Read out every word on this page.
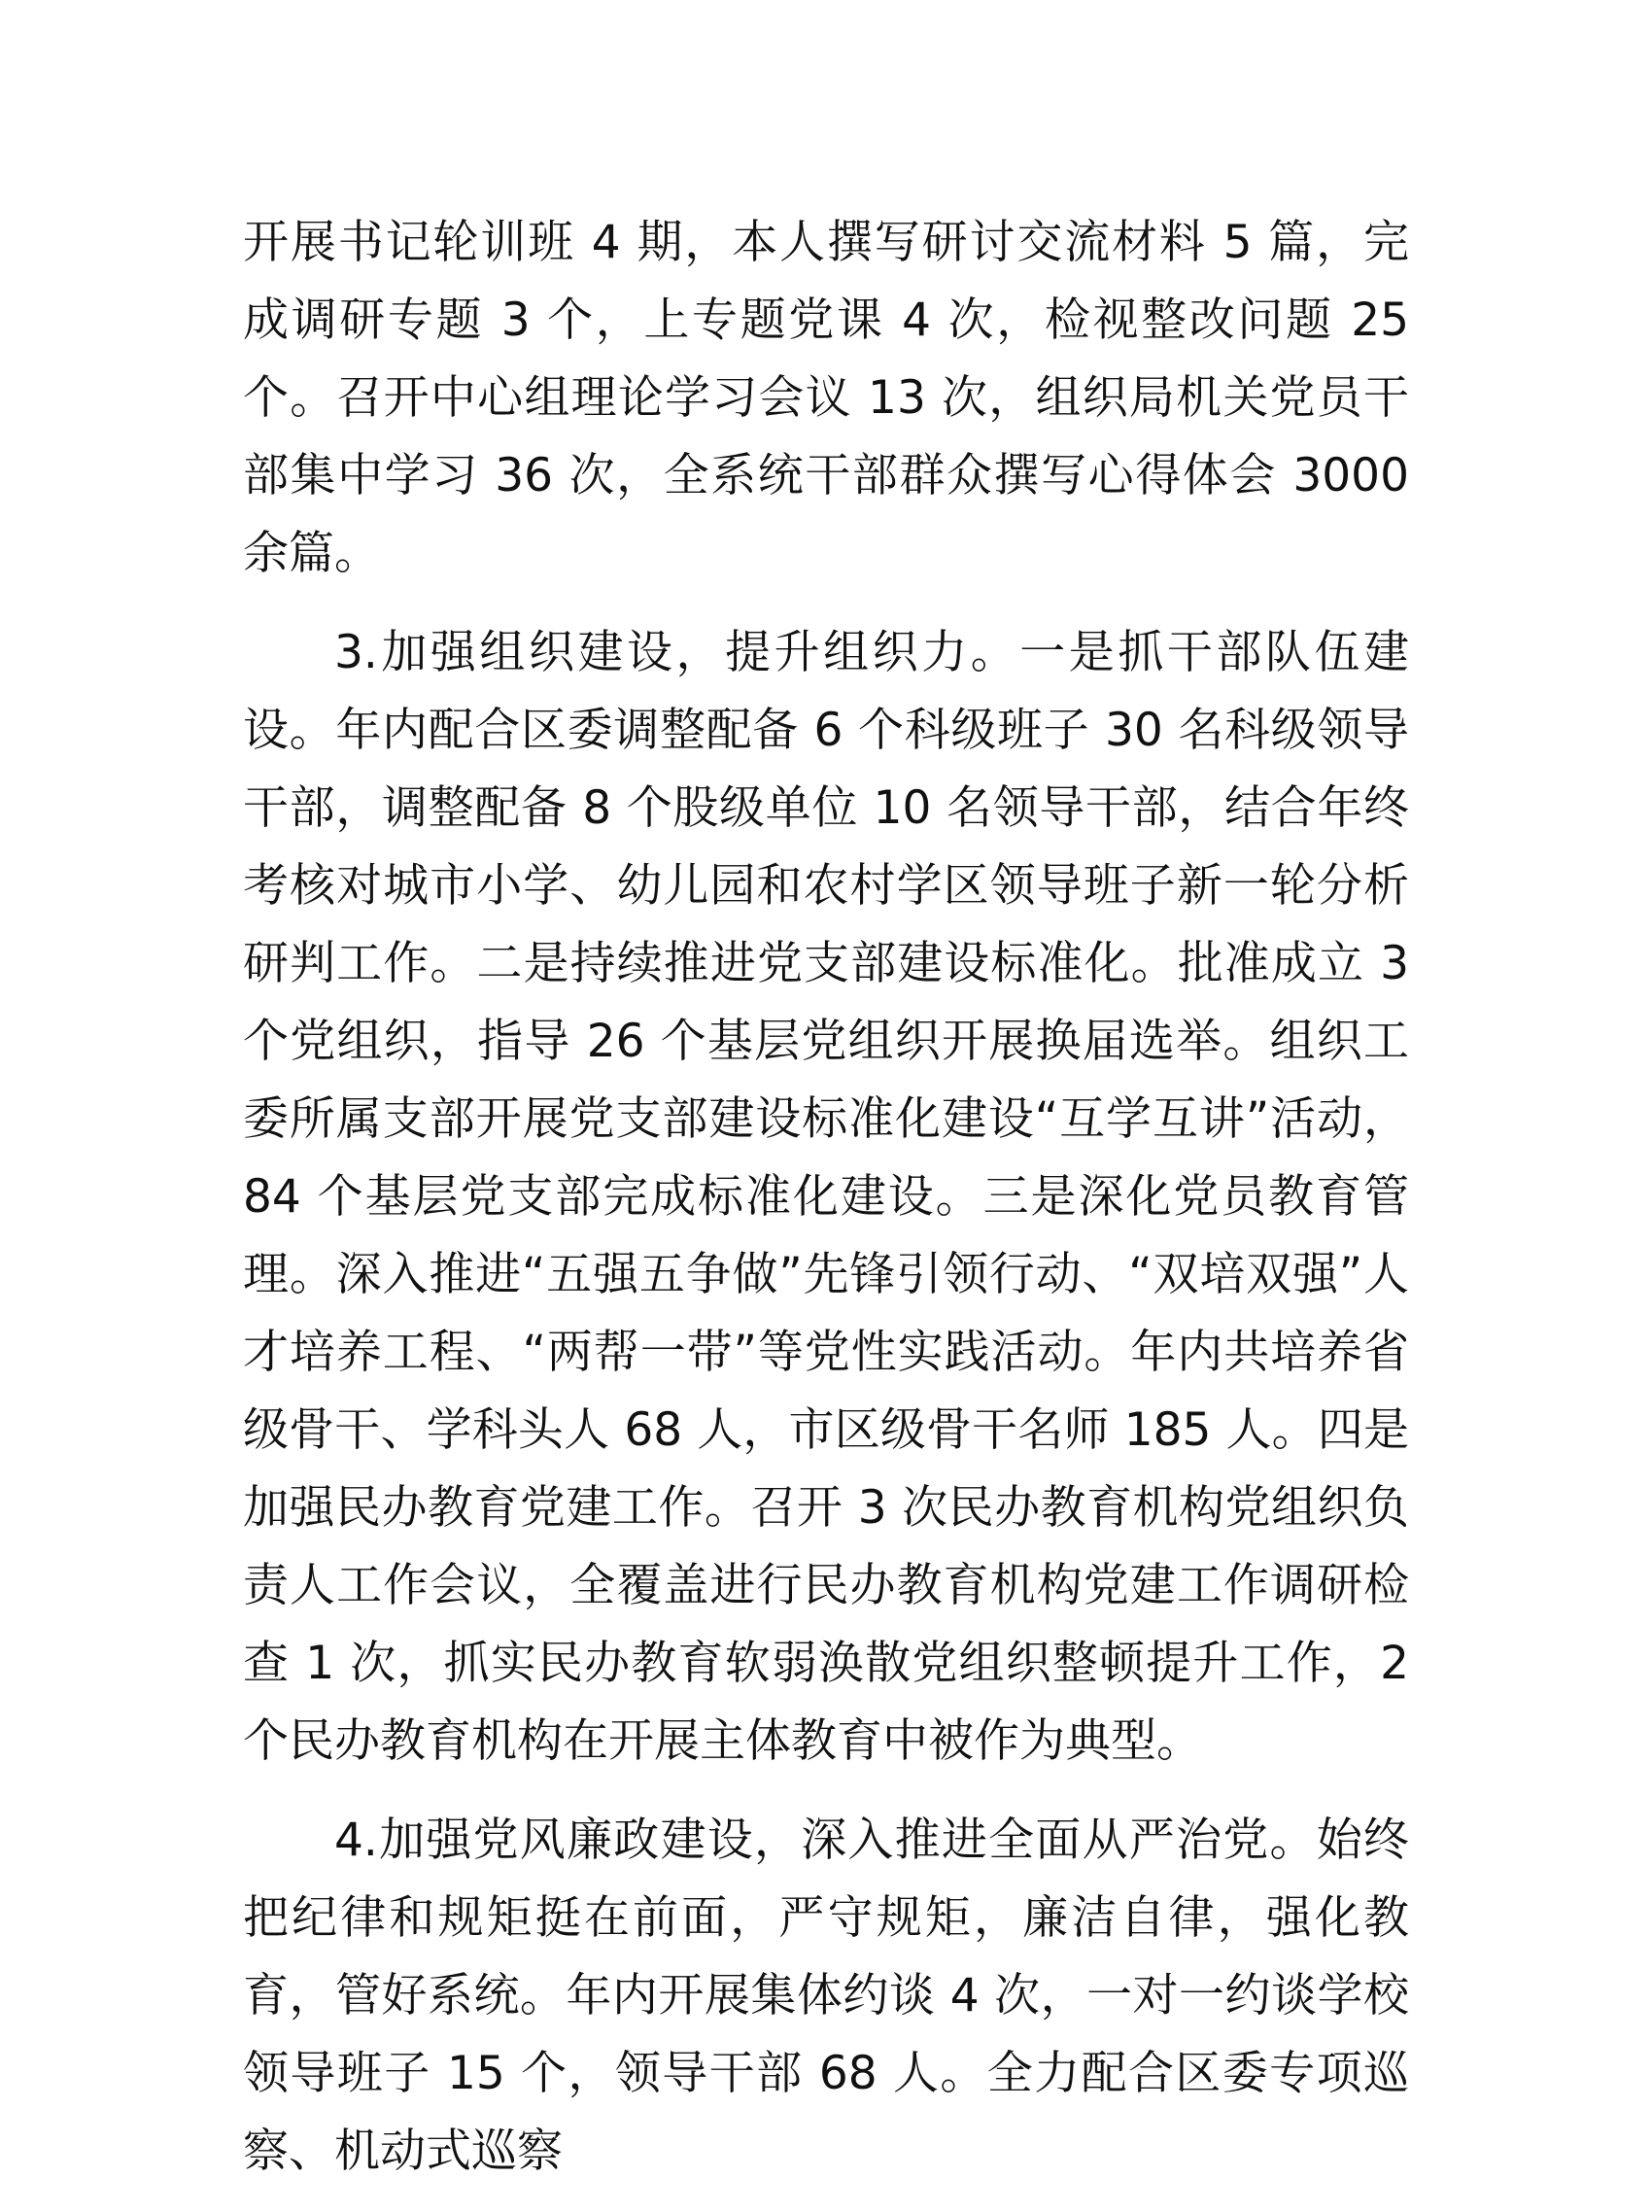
开展书记轮训班 4 期，本人撰写研讨交流材料 5 篇，完成调研专题 3 个，上专题党课 4 次，检视整改问题 25 个。召开中心组理论学习会议 13 次，组织局机关党员干部集中学习 36 次，全系统干部群众撰写心得体会 3000 余篇。

3.加强组织建设，提升组织力。一是抓干部队伍建设。年内配合区委调整配备 6 个科级班子 30 名科级领导干部，调整配备 8 个股级单位 10 名领导干部，结合年终考核对城市小学、幼儿园和农村学区领导班子新一轮分析研判工作。二是持续推进党支部建设标准化。批准成立 3 个党组织，指导 26 个基层党组织开展换届选举。组织工委所属支部开展党支部建设标准化建设“互学互讲”活动，84 个基层党支部完成标准化建设。三是深化党员教育管理。深入推进“五强五争做”先锋引领行动、“双培双强”人才培养工程、“两帮一带”等党性实践活动。年内共培养省级骨干、学科头人 68 人，市区级骨干名师 185 人。四是加强民办教育党建工作。召开 3 次民办教育机构党组织负责人工作会议，全覆盖进行民办教育机构党建工作调研检查 1 次，抓实民办教育软弱涣散党组织整顿提升工作，2 个民办教育机构在开展主体教育中被作为典型。

4.加强党风廉政建设，深入推进全面从严治党。始终把纪律和规矩挺在前面，严守规矩，廉洁自律，强化教育，管好系统。年内开展集体约谈 4 次，一对一约谈学校领导班子 15 个，领导干部 68 人。全力配合区委专项巡察、机动式巡察
